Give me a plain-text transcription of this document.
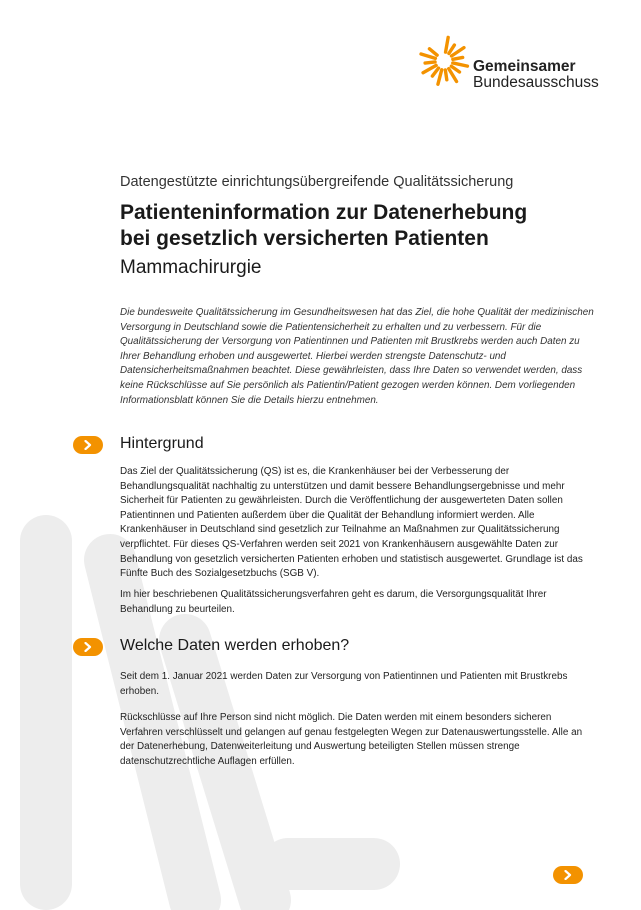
Gemeinsamer
Bundesausschuss
Datengestützte einrichtungsübergreifende Qualitätssicherung
Patienteninformation zur Datenerhebung
bei gesetzlich versicherten Patienten
Mammachirurgie

Die bundesweite Qualitätssicherung im Gesundheitswesen hat das Ziel, die hohe Qualität der medizinischen Versorgung in Deutschland sowie die Patientensicherheit zu erhalten und zu verbessern. Für die Qualitätssicherung der Versorgung von Patientinnen und Patienten mit Brustkrebs werden auch Daten zu Ihrer Behandlung erhoben und ausgewertet. Hierbei werden strengste Datenschutz- und Datensicherheitsmaßnahmen beachtet. Diese gewährleisten, dass Ihre Daten so verwendet werden, dass keine Rückschlüsse auf Sie persönlich als Patientin/Patient gezogen werden können. Dem vorliegenden Informationsblatt können Sie die Details hierzu entnehmen.

Hintergrund

Das Ziel der Qualitätssicherung (QS) ist es, die Krankenhäuser bei der Verbesserung der Behandlungsqualität nachhaltig zu unterstützen und damit bessere Behandlungsergebnisse und mehr Sicherheit für Patienten zu gewährleisten. Durch die Veröffentlichung der ausgewerteten Daten sollen Patientinnen und Patienten außerdem über die Qualität der Behandlung informiert werden. Alle Krankenhäuser in Deutschland sind gesetzlich zur Teilnahme an Maßnahmen zur Qualitätssicherung verpflichtet. Für dieses QS-Verfahren werden seit 2021 von Krankenhäusern ausgewählte Daten zur Behandlung von gesetzlich versicherten Patienten erhoben und statistisch ausgewertet. Grundlage ist das Fünfte Buch des Sozialgesetzbuchs (SGB V).

Im hier beschriebenen Qualitätssicherungsverfahren geht es darum, die Versorgungsqualität Ihrer Behandlung zu beurteilen.

Welche Daten werden erhoben?

Seit dem 1. Januar 2021 werden Daten zur Versorgung von Patientinnen und Patienten mit Brustkrebs erhoben.

Rückschlüsse auf Ihre Person sind nicht möglich. Die Daten werden mit einem besonders sicheren Verfahren verschlüsselt und gelangen auf genau festgelegten Wegen zur Datenauswertungsstelle. Alle an der Datenerhebung, Datenweiterleitung und Auswertung beteiligten Stellen müssen strenge datenschutzrechtliche Auflagen erfüllen.
